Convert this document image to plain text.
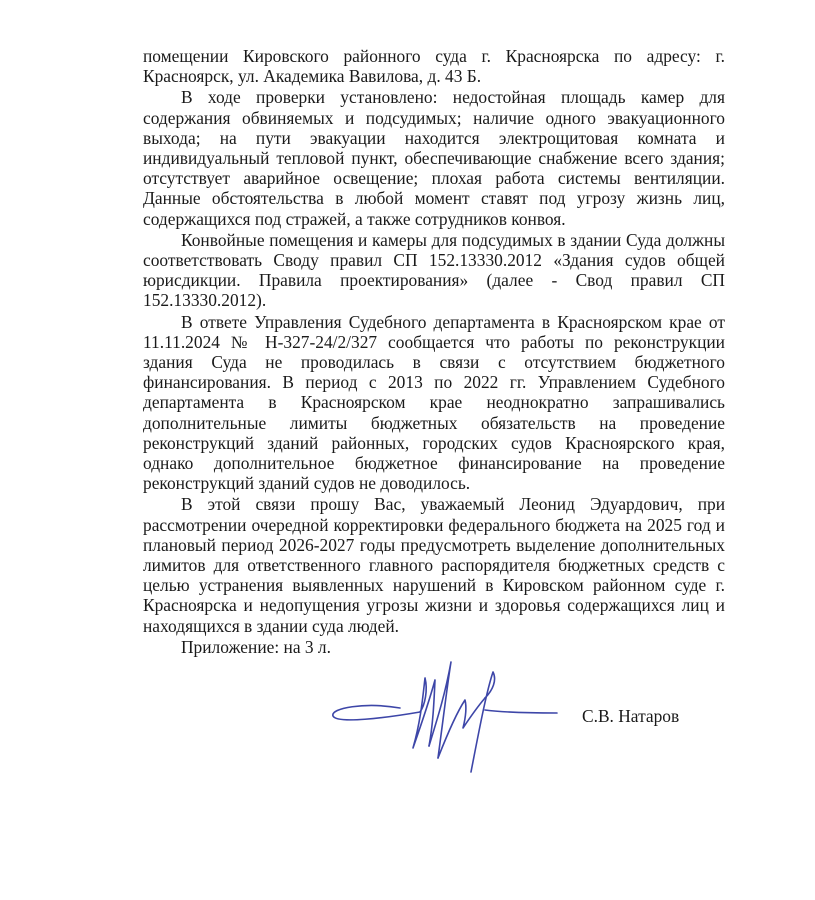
помещении Кировского районного суда г. Красноярска по адресу: г. Красноярск, ул. Академика Вавилова, д. 43 Б.

В ходе проверки установлено: недостойная площадь камер для содержания обвиняемых и подсудимых; наличие одного эвакуационного выхода; на пути эвакуации находится электрощитовая комната и индивидуальный тепловой пункт, обеспечивающие снабжение всего здания; отсутствует аварийное освещение; плохая работа системы вентиляции. Данные обстоятельства в любой момент ставят под угрозу жизнь лиц, содержащихся под стражей, а также сотрудников конвоя.

Конвойные помещения и камеры для подсудимых в здании Суда должны соответствовать Своду правил СП 152.13330.2012 «Здания судов общей юрисдикции. Правила проектирования» (далее - Свод правил СП 152.13330.2012).

В ответе Управления Судебного департамента в Красноярском крае от 11.11.2024 № Н-327-24/2/327 сообщается что работы по реконструкции здания Суда не проводилась в связи с отсутствием бюджетного финансирования. В период с 2013 по 2022 гг. Управлением Судебного департамента в Красноярском крае неоднократно запрашивались дополнительные лимиты бюджетных обязательств на проведение реконструкций зданий районных, городских судов Красноярского края, однако дополнительное бюджетное финансирование на проведение реконструкций зданий судов не доводилось.

В этой связи прошу Вас, уважаемый Леонид Эдуардович, при рассмотрении очередной корректировки федерального бюджета на 2025 год и плановый период 2026-2027 годы предусмотреть выделение дополнительных лимитов для ответственного главного распорядителя бюджетных средств с целью устранения выявленных нарушений в Кировском районном суде г. Красноярска и недопущения угрозы жизни и здоровья содержащихся лиц и находящихся в здании суда людей.

Приложение: на 3 л.

С.В. Натаров
